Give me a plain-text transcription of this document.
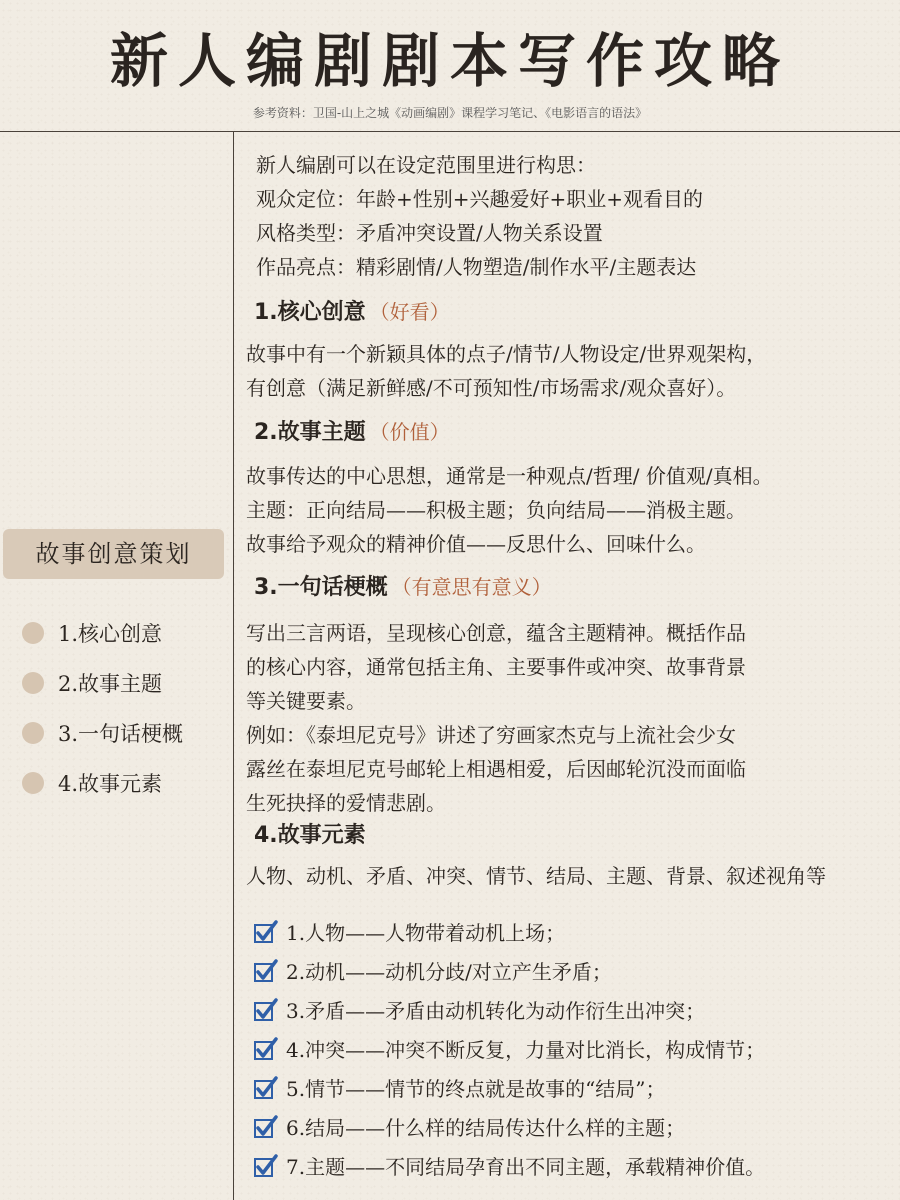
新人编剧剧本写作攻略
参考资料：卫国-山上之城《动画编剧》课程学习笔记、《电影语言的语法》
故事创意策划
1.核心创意
2.故事主题
3.一句话梗概
4.故事元素
新人编剧可以在设定范围里进行构思：
观众定位：年龄+性别+兴趣爱好+职业+观看目的
风格类型：矛盾冲突设置/人物关系设置
作品亮点：精彩剧情/人物塑造/制作水平/主题表达
1.核心创意 （好看）
故事中有一个新颖具体的点子/情节/人物设定/世界观架构，
有创意（满足新鲜感/不可预知性/市场需求/观众喜好）。
2.故事主题 （价值）
故事传达的中心思想，通常是一种观点/哲理/ 价值观/真相。
主题：正向结局——积极主题；负向结局——消极主题。
故事给予观众的精神价值——反思什么、回味什么。
3.一句话梗概 （有意思有意义）
写出三言两语，呈现核心创意，蕴含主题精神。概括作品
的核心内容，通常包括主角、主要事件或冲突、故事背景
等关键要素。
例如：《泰坦尼克号》讲述了穷画家杰克与上流社会少女
露丝在泰坦尼克号邮轮上相遇相爱，后因邮轮沉没而面临
生死抉择的爱情悲剧。
4.故事元素
人物、动机、矛盾、冲突、情节、结局、主题、背景、叙述视角等
1.人物——人物带着动机上场；
2.动机——动机分歧/对立产生矛盾；
3.矛盾——矛盾由动机转化为动作衍生出冲突；
4.冲突——冲突不断反复，力量对比消长，构成情节；
5.情节——情节的终点就是故事的“结局”；
6.结局——什么样的结局传达什么样的主题；
7.主题——不同结局孕育出不同主题，承载精神价值。
